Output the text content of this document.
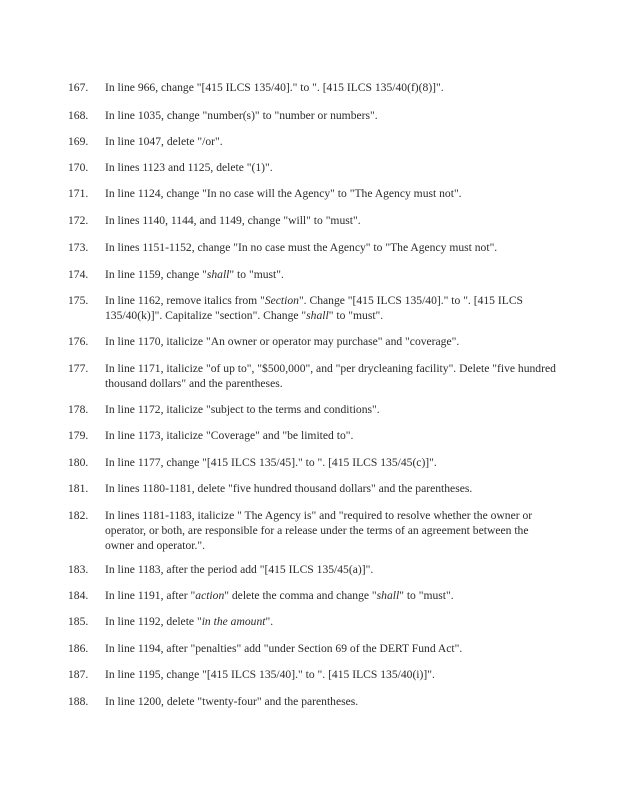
167.	In line 966, change "[415 ILCS 135/40]." to ". [415 ILCS 135/40(f)(8)]".
168.	In line 1035, change "number(s)" to "number or numbers".
169.	In line 1047, delete "/or".
170.	In lines 1123 and 1125, delete "(1)".
171.	In line 1124, change "In no case will the Agency" to "The Agency must not".
172.	In lines 1140, 1144, and 1149, change "will" to "must".
173.	In lines 1151-1152, change "In no case must the Agency" to "The Agency must not".
174.	In line 1159, change "shall" to "must".
175.	In line 1162, remove italics from "Section". Change "[415 ILCS 135/40]." to ". [415 ILCS 135/40(k)]". Capitalize "section". Change "shall" to "must".
176.	In line 1170, italicize "An owner or operator may purchase" and "coverage".
177.	In line 1171, italicize "of up to", "$500,000", and "per drycleaning facility". Delete "five hundred thousand dollars" and the parentheses.
178.	In line 1172, italicize "subject to the terms and conditions".
179.	In line 1173, italicize "Coverage" and "be limited to".
180.	In line 1177, change "[415 ILCS 135/45]." to ". [415 ILCS 135/45(c)]".
181.	In lines 1180-1181, delete "five hundred thousand dollars" and the parentheses.
182.	In lines 1181-1183, italicize " The Agency is" and "required to resolve whether the owner or operator, or both, are responsible for a release under the terms of an agreement between the owner and operator.".
183.	In line 1183, after the period add "[415 ILCS 135/45(a)]".
184.	In line 1191, after "action" delete the comma and change "shall" to "must".
185.	In line 1192, delete "in the amount".
186.	In line 1194, after "penalties" add "under Section 69 of the DERT Fund Act".
187.	In line 1195, change "[415 ILCS 135/40]." to ". [415 ILCS 135/40(i)]".
188.	In line 1200, delete "twenty-four" and the parentheses.
